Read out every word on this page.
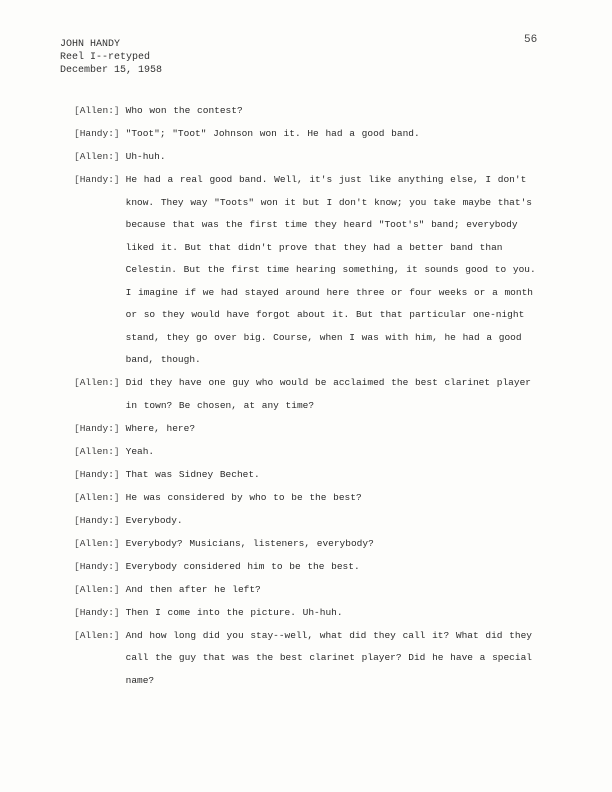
JOHN HANDY
Reel I--retyped
December 15, 1958
56
[Allen:] Who won the contest?
[Handy:] "Toot"; "Toot" Johnson won it. He had a good band.
[Allen:] Uh-huh.
[Handy:] He had a real good band. Well, it's just like anything else, I don't know. They way "Toots" won it but I don't know; you take maybe that's because that was the first time they heard "Toot's" band; everybody liked it. But that didn't prove that they had a better band than Celestin. But the first time hearing something, it sounds good to you. I imagine if we had stayed around here three or four weeks or a month or so they would have forgot about it. But that particular one-night stand, they go over big. Course, when I was with him, he had a good band, though.
[Allen:] Did they have one guy who would be acclaimed the best clarinet player in town? Be chosen, at any time?
[Handy:] Where, here?
[Allen:] Yeah.
[Handy:] That was Sidney Bechet.
[Allen:] He was considered by who to be the best?
[Handy:] Everybody.
[Allen:] Everybody? Musicians, listeners, everybody?
[Handy:] Everybody considered him to be the best.
[Allen:] And then after he left?
[Handy:] Then I come into the picture. Uh-huh.
[Allen:] And how long did you stay--well, what did they call it? What did they call the guy that was the best clarinet player? Did he have a special name?
